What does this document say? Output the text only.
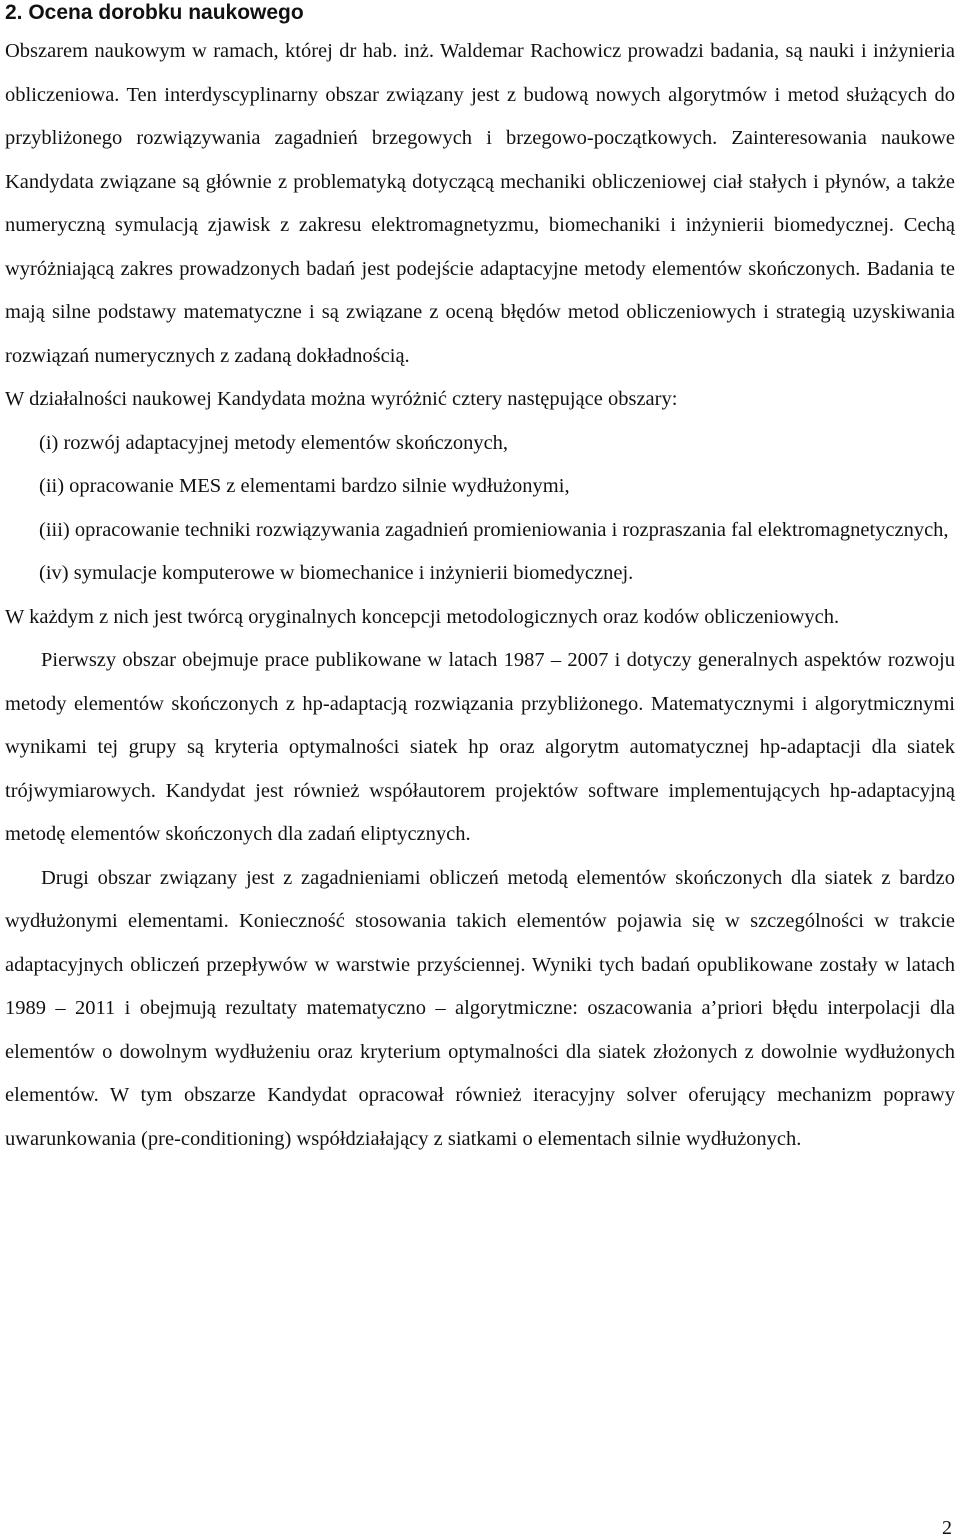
2. Ocena dorobku naukowego

Obszarem naukowym w ramach, której dr hab. inż. Waldemar Rachowicz prowadzi badania, są nauki i inżynieria obliczeniowa. Ten interdyscyplinarny obszar związany jest z budową nowych algorytmów i metod służących do przybliżonego rozwiązywania zagadnień brzegowych i brzegowo-początkowych. Zainteresowania naukowe Kandydata związane są głównie z problematyką dotyczącą mechaniki obliczeniowej ciał stałych i płynów, a także numeryczną symulacją zjawisk z zakresu elektromagnetyzmu, biomechaniki i inżynierii biomedycznej. Cechą wyróżniającą zakres prowadzonych badań jest podejście adaptacyjne metody elementów skończonych. Badania te mają silne podstawy matematyczne i są związane z oceną błędów metod obliczeniowych i strategią uzyskiwania rozwiązań numerycznych z zadaną dokładnością.

W działalności naukowej Kandydata można wyróżnić cztery następujące obszary:

(i) rozwój adaptacyjnej metody elementów skończonych,
(ii) opracowanie MES z elementami bardzo silnie wydłużonymi,
(iii) opracowanie techniki rozwiązywania zagadnień promieniowania i rozpraszania fal elektromagnetycznych,
(iv) symulacje komputerowe w biomechanice i inżynierii biomedycznej.

W każdym z nich jest twórcą oryginalnych koncepcji metodologicznych oraz kodów obliczeniowych.

Pierwszy obszar obejmuje prace publikowane w latach 1987 – 2007 i dotyczy generalnych aspektów rozwoju metody elementów skończonych z hp-adaptacją rozwiązania przybliżonego. Matematycznymi i algorytmicznymi wynikami tej grupy są kryteria optymalności siatek hp oraz algorytm automatycznej hp-adaptacji dla siatek trójwymiarowych. Kandydat jest również współautorem projektów software implementujących hp-adaptacyjną metodę elementów skończonych dla zadań eliptycznych.

Drugi obszar związany jest z zagadnieniami obliczeń metodą elementów skończonych dla siatek z bardzo wydłużonymi elementami. Konieczność stosowania takich elementów pojawia się w szczególności w trakcie adaptacyjnych obliczeń przepływów w warstwie przyściennej. Wyniki tych badań opublikowane zostały w latach 1989 – 2011 i obejmują rezultaty matematyczno – algorytmiczne: oszacowania a’priori błędu interpolacji dla elementów o dowolnym wydłużeniu oraz kryterium optymalności dla siatek złożonych z dowolnie wydłużonych elementów. W tym obszarze Kandydat opracował również iteracyjny solver oferujący mechanizm poprawy uwarunkowania (pre-conditioning) współdziałający z siatkami o elementach silnie wydłużonych.

2
